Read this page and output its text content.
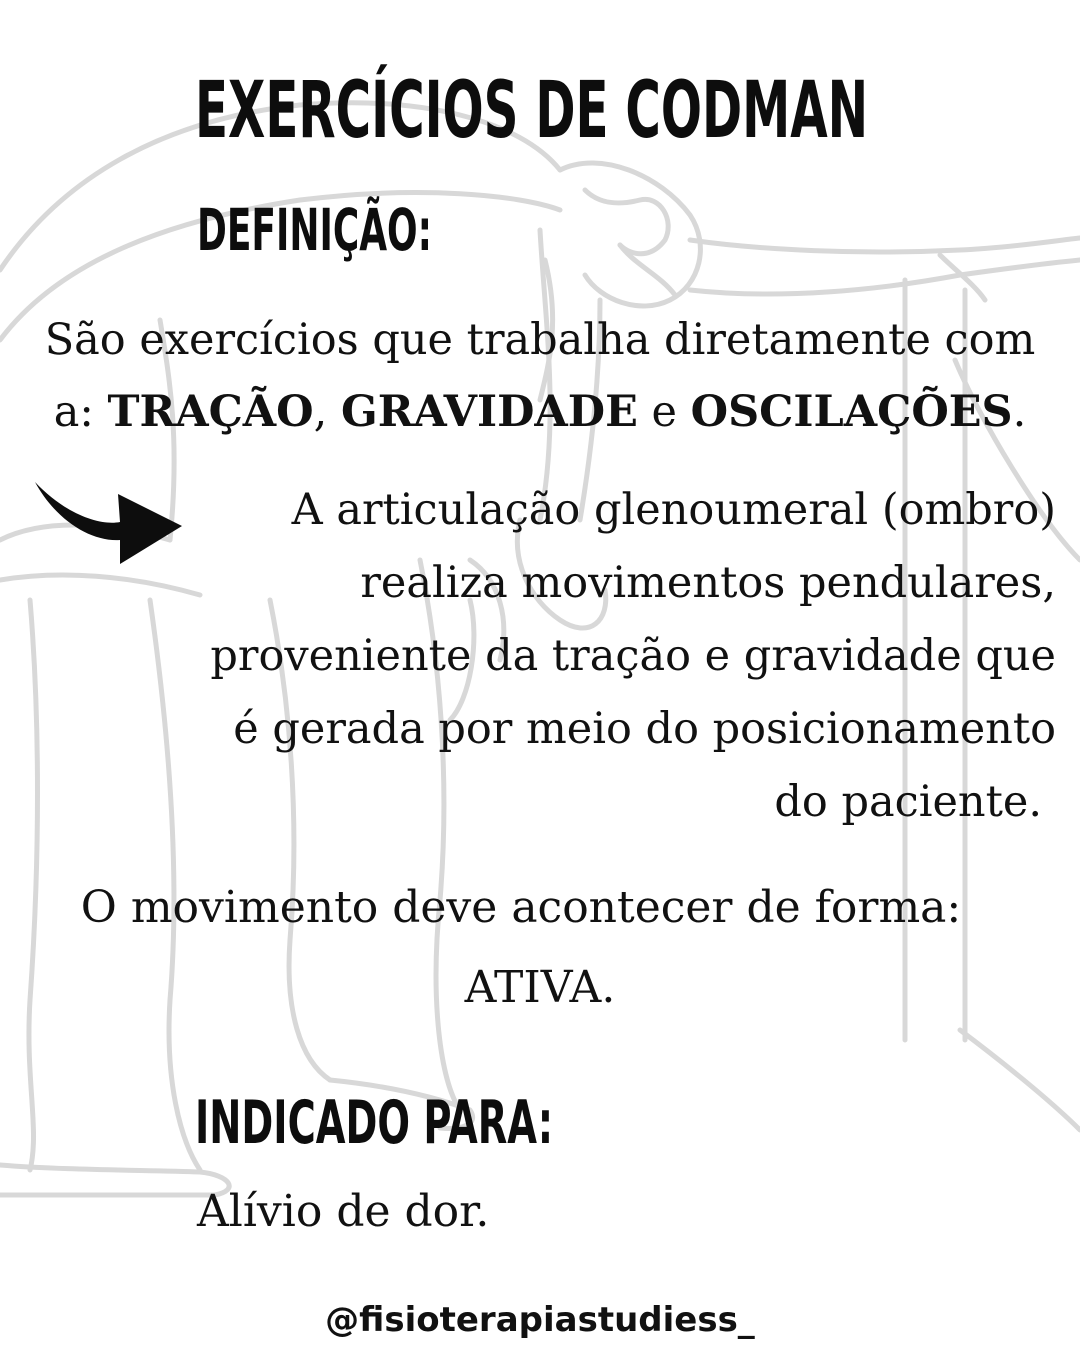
EXERCÍCIOS DE CODMAN
DEFINIÇÃO:
São exercícios que trabalha diretamente com
a: TRAÇÃO, GRAVIDADE e OSCILAÇÕES.
A articulação glenoumeral (ombro)
realiza movimentos pendulares,
proveniente da tração e gravidade que
é gerada por meio do posicionamento
do paciente.
O movimento deve acontecer de forma:
ATIVA.
INDICADO PARA:
Alívio de dor.
@fisioterapiastudiess_
